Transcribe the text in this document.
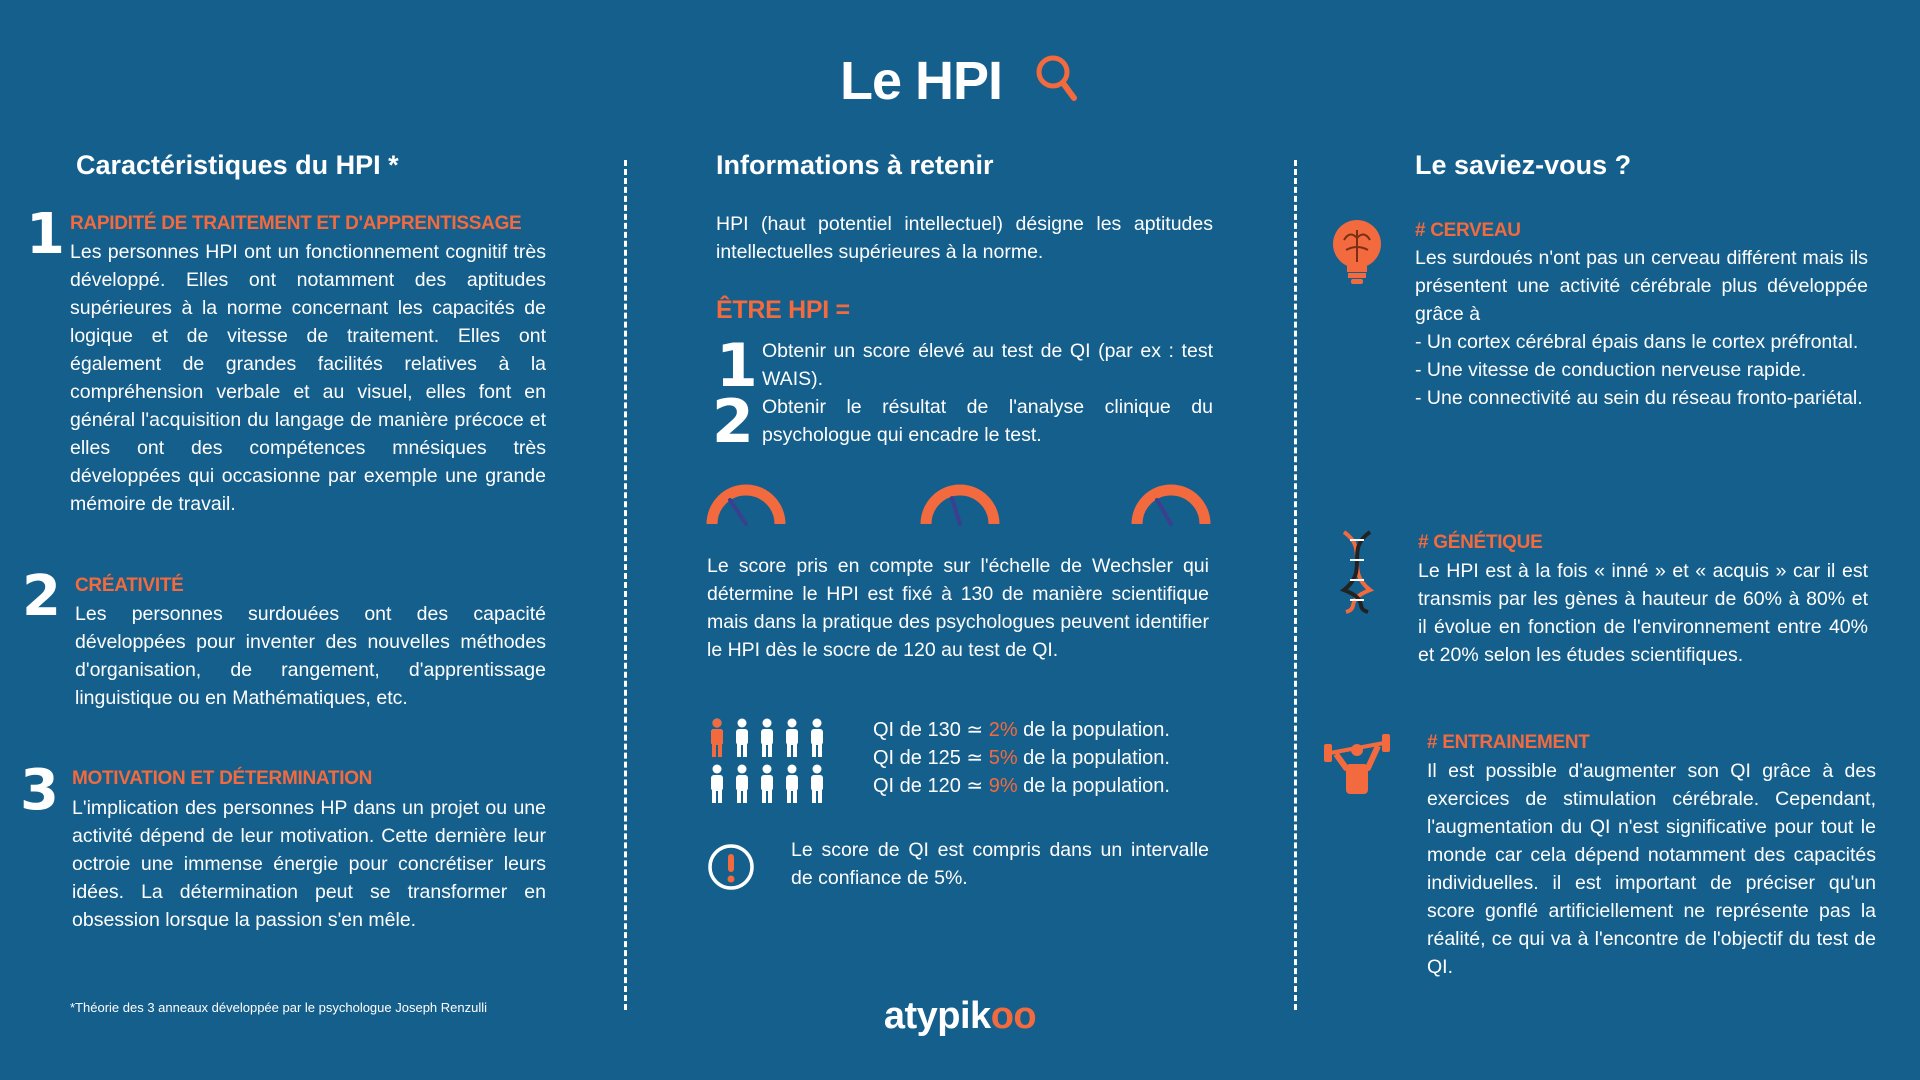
Le HPI
Caractéristiques du HPI *
1 RAPIDITÉ DE TRAITEMENT ET D'APPRENTISSAGE
Les personnes HPI ont un fonctionnement cognitif très développé. Elles ont notamment des aptitudes supérieures à la norme concernant les capacités de logique et de vitesse de traitement. Elles ont également de grandes facilités relatives à la compréhension verbale et au visuel, elles font en général l'acquisition du langage de manière précoce et elles ont des compétences mnésiques très développées qui occasionne par exemple une grande mémoire de travail.
2 CRÉATIVITÉ
Les personnes surdouées ont des capacité développées pour inventer des nouvelles méthodes d'organisation, de rangement, d'apprentissage linguistique ou en Mathématiques, etc.
3 MOTIVATION ET DÉTERMINATION
L'implication des personnes HP dans un projet ou une activité dépend de leur motivation. Cette dernière leur octroie une immense énergie pour concrétiser leurs idées. La détermination peut se transformer en obsession lorsque la passion s'en mêle.
*Théorie des 3 anneaux développée par le psychologue Joseph Renzulli
Informations à retenir
HPI (haut potentiel intellectuel) désigne les aptitudes intellectuelles supérieures à la norme.
ÊTRE HPI =
1 Obtenir un score élevé au test de QI (par ex : test WAIS).
2 Obtenir le résultat de l'analyse clinique du psychologue qui encadre le test.
Le score pris en compte sur l'échelle de Wechsler qui détermine le HPI est fixé à 130 de manière scientifique mais dans la pratique des psychologues peuvent identifier le HPI dès le socre de 120 au test de QI.
QI de 130 ≃ 2% de la population.
QI de 125 ≃ 5% de la population.
QI de 120 ≃ 9% de la population.
Le score de QI est compris dans un intervalle de confiance de 5%.
Le saviez-vous ?
# CERVEAU
Les surdoués n'ont pas un cerveau différent mais ils présentent une activité cérébrale plus développée grâce à
- Un cortex cérébral épais dans le cortex préfrontal.
- Une vitesse de conduction nerveuse rapide.
- Une connectivité au sein du réseau fronto-pariétal.
# GÉNÉTIQUE
Le HPI est à la fois « inné » et « acquis » car il est transmis par les gènes à hauteur de 60% à 80% et il évolue en fonction de l'environnement entre 40% et 20% selon les études scientifiques.
# ENTRAINEMENT
Il est possible d'augmenter son QI grâce à des exercices de stimulation cérébrale. Cependant, l'augmentation du QI n'est significative pour tout le monde car cela dépend notamment des capacités individuelles. il est important de préciser qu'un score gonflé artificiellement ne représente pas la réalité, ce qui va à l'encontre de l'objectif du test de QI.
atypikoo
